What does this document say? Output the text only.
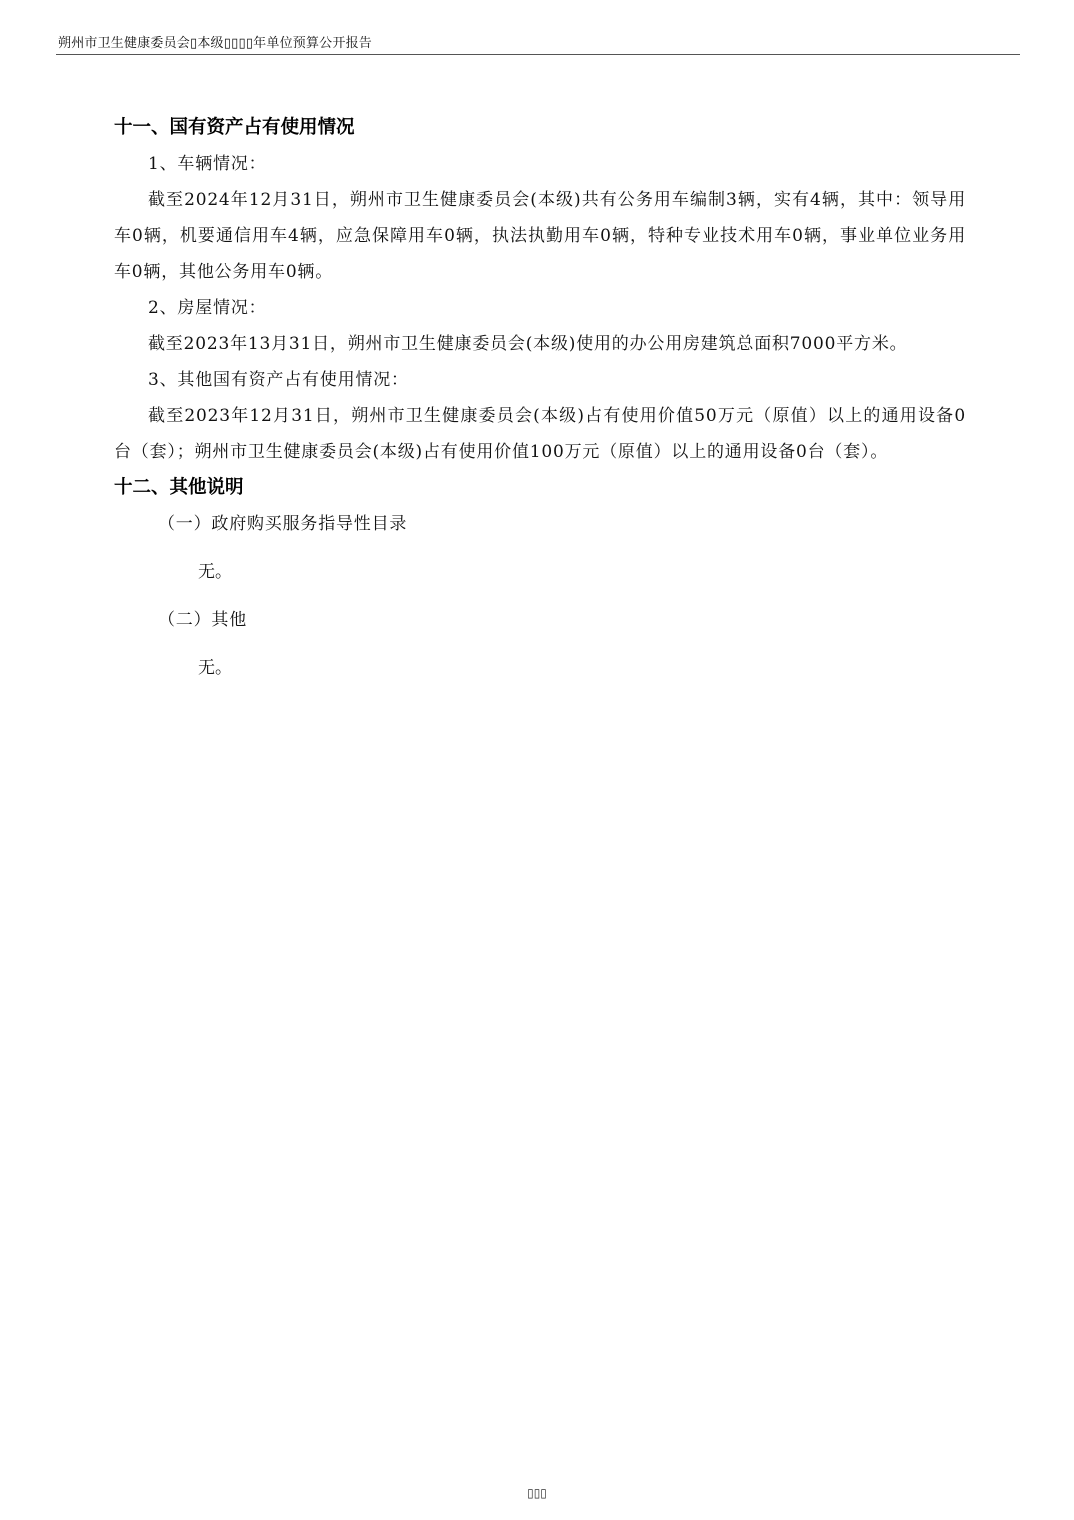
朔州市卫生健康委员会▯本级▯▯▯▯年单位预算公开报告

十一、国有资产占有使用情况

1、车辆情况：

截至2024年12月31日，朔州市卫生健康委员会(本级)共有公务用车编制3辆，实有4辆，其中：领导用车0辆，机要通信用车4辆，应急保障用车0辆，执法执勤用车0辆，特种专业技术用车0辆，事业单位业务用车0辆，其他公务用车0辆。

2、房屋情况：

截至2023年13月31日，朔州市卫生健康委员会(本级)使用的办公用房建筑总面积7000平方米。

3、其他国有资产占有使用情况：

截至2023年12月31日，朔州市卫生健康委员会(本级)占有使用价值50万元（原值）以上的通用设备0台（套）；朔州市卫生健康委员会(本级)占有使用价值100万元（原值）以上的通用设备0台（套）。

十二、其他说明

（一）政府购买服务指导性目录

无。

（二）其他

无。

▯▯▯
